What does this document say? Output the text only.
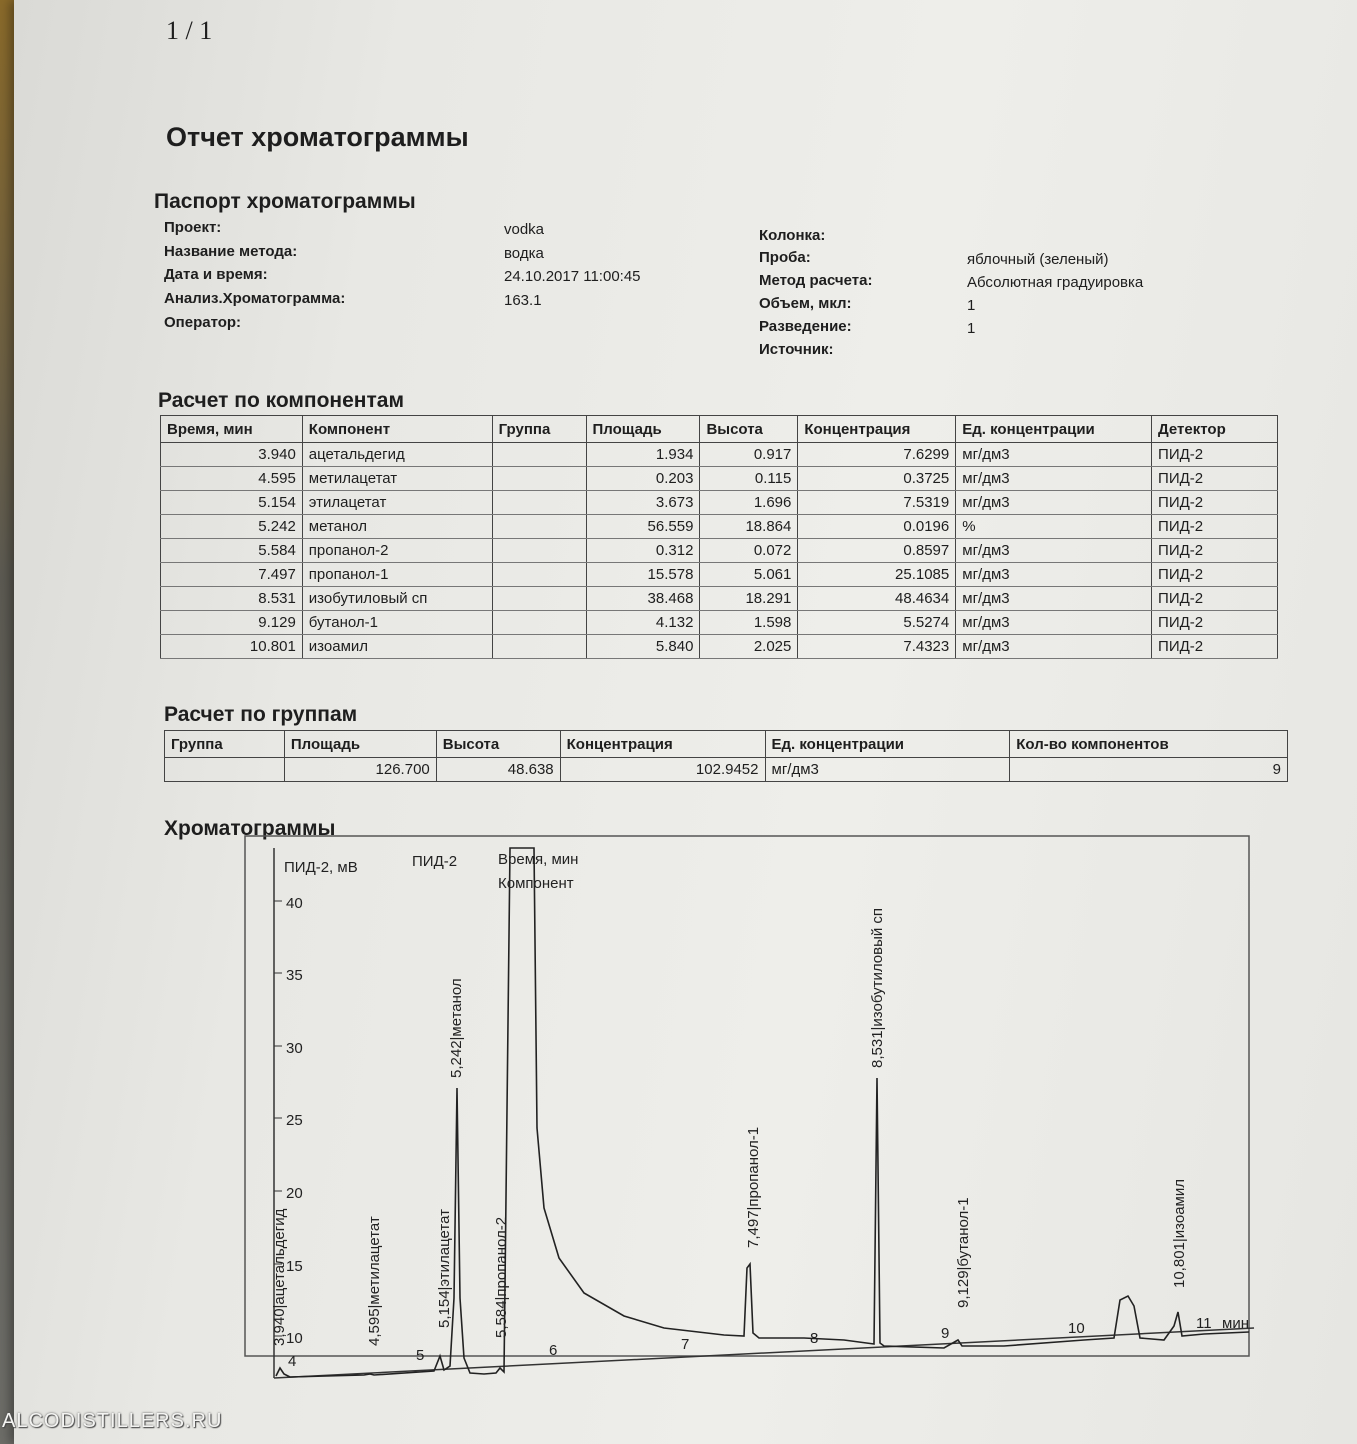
1 / 1
Отчет хроматограммы
Паспорт хроматограммы
Проект:	vodka
Название метода:	водка
Дата и время:	24.10.2017 11:00:45
Анализ.Хроматограмма:	163.1
Оператор:
Колонка:
Проба:	яблочный (зеленый)
Метод расчета:	Абсолютная градуировка
Объем, мкл:	1
Разведение:	1
Источник:
Расчет по компонентам
Время, мин	Компонент	Группа	Площадь	Высота	Концентрация	Ед. концентрации	Детектор
3.940	ацетальдегид		1.934	0.917	7.6299	мг/дм3	ПИД-2
4.595	метилацетат		0.203	0.115	0.3725	мг/дм3	ПИД-2
5.154	этилацетат		3.673	1.696	7.5319	мг/дм3	ПИД-2
5.242	метанол		56.559	18.864	0.0196	%	ПИД-2
5.584	пропанол-2		0.312	0.072	0.8597	мг/дм3	ПИД-2
7.497	пропанол-1		15.578	5.061	25.1085	мг/дм3	ПИД-2
8.531	изобутиловый сп		38.468	18.291	48.4634	мг/дм3	ПИД-2
9.129	бутанол-1		4.132	1.598	5.5274	мг/дм3	ПИД-2
10.801	изоамил		5.840	2.025	7.4323	мг/дм3	ПИД-2
Расчет по группам
Группа	Площадь	Высота	Концентрация	Ед. концентрации	Кол-во компонентов
	126.700	48.638	102.9452	мг/дм3	9
Хроматограммы
ПИД-2, мВ	ПИД-2	Время, мин
Компонент
40
35
30
25
20
15
10
4	5	6	7	8	9	10	11 мин
3,940|ацетальдегид	4,595|метилацетат	5,154|этилацетат
5,242|метанол
5,584|пропанол-2
7,497|пропанол-1
8,531|изобутиловый сп
9,129|бутанол-1	10,801|изоамил
ALCODISTILLERS.RU
